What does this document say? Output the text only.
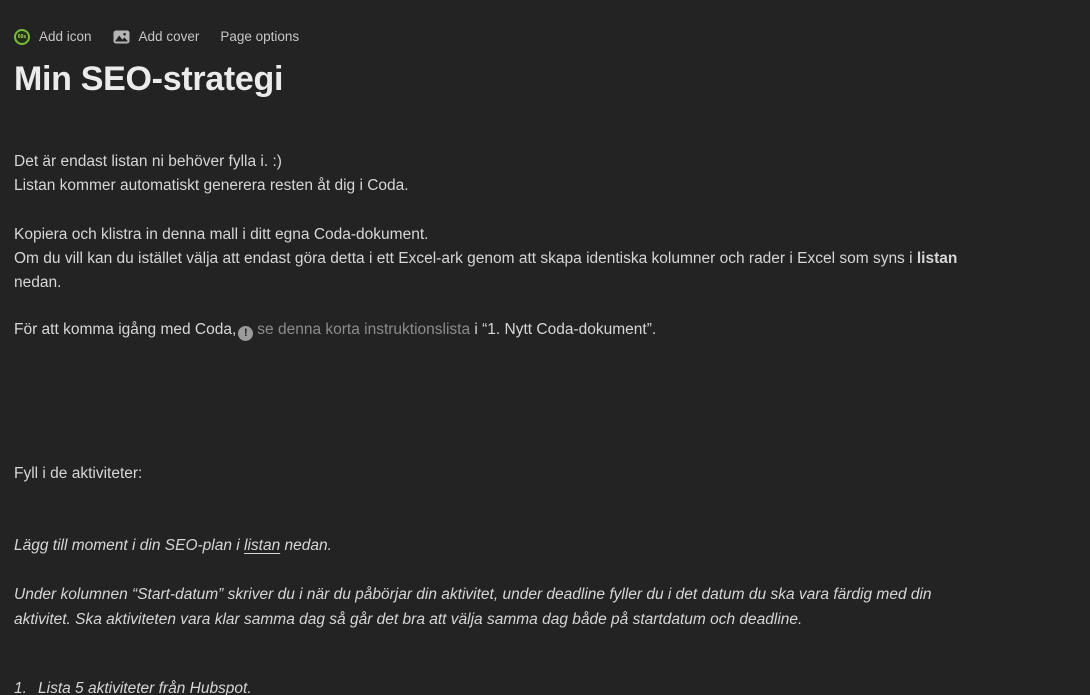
60s Add icon	Add cover Page options
Min SEO-strategi
Det är endast listan ni behöver fylla i. :)
Listan kommer automatiskt generera resten åt dig i Coda.
Kopiera och klistra in denna mall i ditt egna Coda-dokument.
Om du vill kan du istället välja att endast göra detta i ett Excel-ark genom att skapa identiska kolumner och rader i Excel som syns i listan
nedan.
För att komma igång med Coda, ! se denna korta instruktionslista i “1. Nytt Coda-dokument”.
Fyll i de aktiviteter:
Lägg till moment i din SEO-plan i listan nedan.
Under kolumnen “Start-datum” skriver du i när du påbörjar din aktivitet, under deadline fyller du i det datum du ska vara färdig med din
aktivitet. Ska aktiviteten vara klar samma dag så går det bra att välja samma dag både på startdatum och deadline.
1. Lista 5 aktiviteter från Hubspot.
